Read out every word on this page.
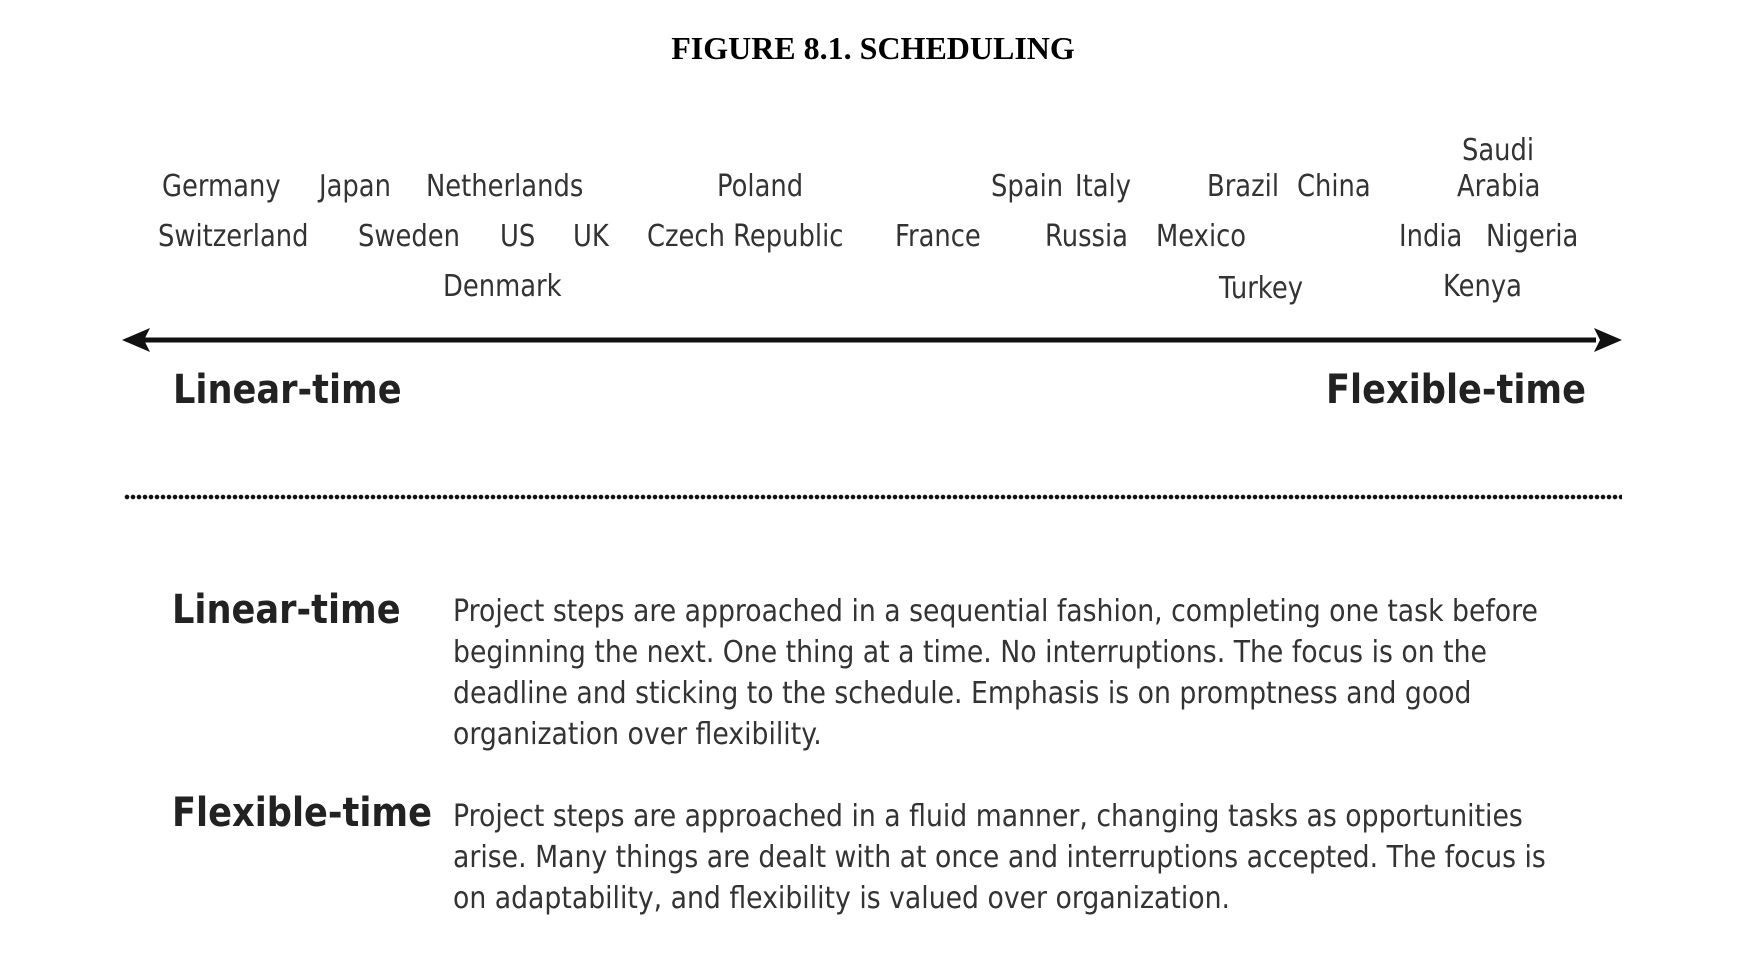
FIGURE 8.1. SCHEDULING
Germany Japan Netherlands	Poland	Spain Italy	Brazil China
Saudi
Arabia
Switzerland Sweden US UK Czech Republic France Russia Mexico	India Nigeria
Denmark	Turkey	Kenya
Linear-time	Flexible-time
Linear-time Project steps are approached in a sequential fashion, completing one task before beginning the next. One thing at a time. No interruptions. The focus is on the deadline and sticking to the schedule. Emphasis is on promptness and good organization over flexibility.
Flexible-time Project steps are approached in a fluid manner, changing tasks as opportunities arise. Many things are dealt with at once and interruptions accepted. The focus is on adaptability, and flexibility is valued over organization.
